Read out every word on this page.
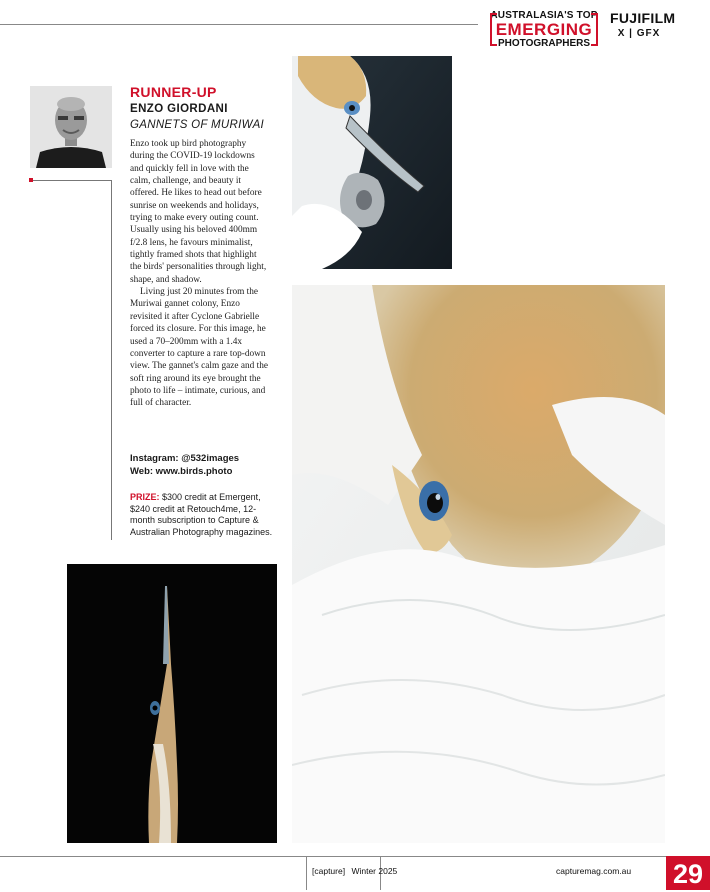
AUSTRALASIA'S TOP
EMERGING
PHOTOGRAPHERS
FUJIFILM
X | GFX
RUNNER-UP
ENZO GIORDANI
GANNETS OF MURIWAI

Enzo took up bird photography during the COVID-19 lockdowns and quickly fell in love with the calm, challenge, and beauty it offered. He likes to head out before sunrise on weekends and holidays, trying to make every outing count. Usually using his beloved 400mm f/2.8 lens, he favours minimalist, tightly framed shots that highlight the birds' personalities through light, shape, and shadow.

Living just 20 minutes from the Muriwai gannet colony, Enzo revisited it after Cyclone Gabrielle forced its closure. For this image, he used a 70–200mm with a 1.4x converter to capture a rare top-down view. The gannet's calm gaze and the soft ring around its eye brought the photo to life – intimate, curious, and full of character.

Instagram: @532images
Web: www.birds.photo
PRIZE: $300 credit at Emergent, $240 credit at Retouch4me, 12-month subscription to Capture & Australian Photography magazines.
[capture] Winter 2025	capturemag.com.au 29
